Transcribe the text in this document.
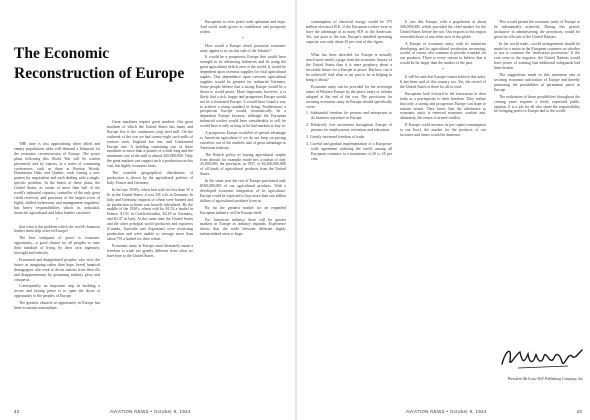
The Economic
Reconstruction of Europe

THE time is fast approaching when allied and enemy populations alike will demand a blueprint for the economic reconstruction of Europe. The peace plans following this World War will be written piecemeal, and by experts, at a series of continuing conferences, such as those at Bretton Woods, Dumbarton Oaks and Quebec, each tracing a new pattern for negotiation and each dealing with a single, specific problem. In the hearts of these plans, the United States, as owner of more than half of the world's industrial capacity, controller of the only great credit reservoir, and possessor of the largest force of highly skilled technicians and management engineers, has heavy responsibilities which its industrial, financial, agricultural and labor leaders can meet.

*

Just what is the problem which the world's business leaders must help solve in Europe?

The best safeguard of peace is economic opportunity—a good chance for all peoples to raise their standard of living by their own ingenuity, foresight and industry.

Frustrated and disappointed peoples, who view the future as imagining rather than hope, breed fanatical demagogues who seek to divert nations from their ills and disappointments by promising military glory and conquests.

Consequently, an important step in building a secure and lasting peace is to open the doors of opportunity to the peoples of Europe.

The greatest obstacle to opportunity in Europe has been economic nationalism.

Great machines require great markets. Our great machine of which the United States has many and Europe few is the continuous strip steel mill. On the outbreak of the war we had twenty-eight such mills of various sizes, England but one, and Continental Europe one. A building containing one of these machines is more than a quarter of a mile long and the minimum cost of the mill is almost $25,000,000. Only the great markets can support such a production on this vast, but highly economic basis.

The wasteful geographical distribution of production is shown by the agricultural policies of Italy, France and Germany.

In the late 1930's, when lard sold for less than 5¢ a lb. in the United States, it cost 23¢ a lb. in Germany. In Italy and Germany, imports of wheat were banned and its production at home was heavily subsidized. By the middle of the 1930's, wheat sold for $1.53 a bushel in France, $1.91 in Czechoslovakia, $2.29 in Germany, and $2.47 in Italy. At the same time the United States and the other principal world producers and exporters (Canada, Australia and Argentina) were restricting production and were unable to average more than about 75¢ a bushel for their wheat.

Economic unity in Europe must ultimately mean a freedom to trade not greatly different from what we have here in the United States.

Europeans to view peace with optimism and hope. And world trade grows as confidence and prosperity widen.

*

How would a Europe which possesses economic unity appear to us on this side of the Atlantic?

It would be a prosperous Europe that would have strength in its advancing industries and be using the great agricultural deficit area of the world. It would be dependent upon overseas supplies for vital agricultural staples. This dependence upon overseas agricultural supplies would be greatest for industrial Germany. Some people believe that a strong Europe would be a threat to world peace. More important, however, it is likely that a rich, happy and prosperous Europe would not be a frustrated Europe. It would have found a way to achieve a rising standard of living. Furthermore, a prosperous Europe would, economically, be a dependent Europe because, although the European industrial worker would have considerably to sell, he would have it only as long as he had markets to buy in.

A prosperous Europe would be of special advantage to American agriculture if we do not keep on pricing ourselves out of the markets and of great advantage to American industry.

The British policy of buying agricultural staples from abroad, for example, made her, a nation of only 45,000,000, the purchaser, in 1937, of $2,200,000,000 of all kinds of agricultural products from the United States.

In the same year the rest of Europe purchased only $500,000,000 of our agricultural products. With a developed economic integration of its agriculture, Europe could be expected to buy more than one billion dollars of agricultural products from us.

By far the greatest market for an expanded European industry will be Europe itself.

For American industry, there will be greater markets in Europe as industry expands. Experience shows that the trade between different highly industrialized areas is large.

42	AVIATION NEWS • October 9, 1944

consumption of electrical energy would be 175 million electrical H.P., if the European worker were to have the advantage of as many H.P. as the American. Yet, just prior to the war, Europe's installed operating capacity was only about 45 per cent of this figure.

*

What has been sketched for Europe is actually much more nearly a page from the economic history of the United States than it is mere prophecy about a favorable future for a Europe at peace. But how can it be achieved? And what is our part to be in helping to bring it about?

Economic unity can be provided for the sovereign states of Western Europe by the peace treaty or treaties adopted at the end of the war. The provisions for securing economic unity in Europe should specifically cover:

1. Substantial freedom for persons and enterprises to do business anywhere in Europe.

2. Relatively free movement throughout Europe of persons for employment, recreation and education.

3. Greatly increased freedom of trade.

4. Careful and gradual implementation of a European-wide agreement reducing the tariffs among all European countries to a maximum of 20 to 25 per cent.

It was this Europe, with a population of about 300,000,000, which provided the chief market for the United States before the war. Our exports to this region exceeded those of any other area of the globe.

A Europe of economic unity, with its industries developing and its agricultural production increasing, would, of course, also continue to provide a market for our products. There is every reason to believe that it would be far larger than the market of the past.

*

It will be said that Europe cannot achieve this unity. It has been said of this country too. Yet, the record of the United States is there for all to read.

Europeans look forward to the restoration of their trade as a prerequisite to their freedom. They realize that only a strong and prosperous Europe can hope to remain secure. They know that the alternative to economic unity is renewed economic warfare and, ultimately, the return of armed conflict.

If Europe could increase its per capita consumption to our level, the market for the products of our factories and farms would be immense.

This would permit the economic unity of Europe to be substantially achieved. During this period, assistance in administering the provisions would be given by officials of the United Nations.

In the world trade—world arrangements should be made for a union in the European countries on whether or not to continue the 'unification provisions.' If the vote were in the negative, the United Nations would have power of warning that additional safeguards had been broken.

The suggestions made in this statement aim at securing economic unification of Europe and thereby promoting the possibilities of permanent peace in Europe.

The realization of these possibilities throughout the coming years requires a freely expressed public opinion. It is a job for all who share the responsibility for bringing peace to Europe and to the world.

President McGraw-Hill Publishing Company, Inc.
AVIATION NEWS • October 9, 1944	43
